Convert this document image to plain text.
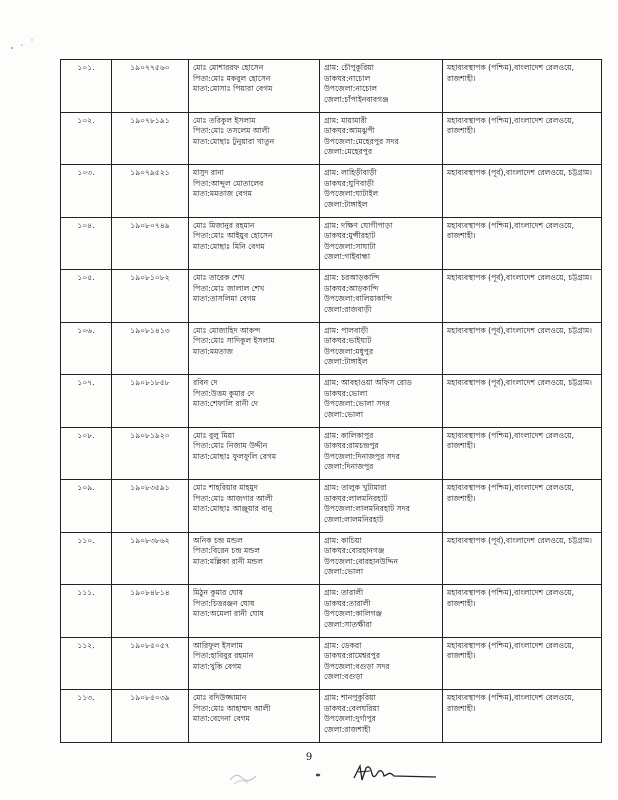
১০১.	১৯০৭৭৫৬০	মোঃ মোশাররফ হোসেন
পিতা:মোঃ মকবুল হোসেন
মাতা:মোসাঃ পিয়ারা বেগম	গ্রাম: চৌপুকুরিয়া
ডাকঘর:নাচোল
উপজেলা:নাচোল
জেলা:চাঁপাইনবাবগঞ্জ	মহাব্যবস্থাপক (পশ্চিম),বাংলাদেশ রেলওয়ে, রাজশাহী।

১০২.	১৯০৭৮১৯১	মোঃ তরিকুল ইসলাম
পিতা:মোঃ তসলেম আলী
মাতা:মোছাঃ টুনুয়ারা খাতুন	গ্রাম: মায়ামারী
ডাকঘর:আমঝুপী
উপজেলা:মেহেরপুর সদর
জেলা:মেহেরপুর	মহাব্যবস্থাপক (পশ্চিম),বাংলাদেশ রেলওয়ে, রাজশাহী।

১০৩.	১৯০৭৯৫২১	মাসুদ রানা
পিতা:আব্দুল মোতালেব
মাতা:মমতাজ বেগম	গ্রাম: লাহিড়ীবাড়ী
ডাকঘর:ঘুণিবাড়ী
উপজেলা:ঘাটাইল
জেলা:টাঙ্গাইল	মহাব্যবস্থাপক (পূর্ব),বাংলাদেশ রেলওয়ে, চট্টগ্রাম।

১০৪.	১৯০৮০৭৪৯	মোঃ মিজানুর রহমান
পিতা:মোঃ আইয়ুব হোসেন
মাতা:মোছাঃ মিনি বেগম	গ্রাম: দক্ষিণ ঘোগীপাড়া
ডাকঘর:মুন্সীরহাট
উপজেলা:সাঘাটা
জেলা:গাইবান্ধা	মহাব্যবস্থাপক (পশ্চিম),বাংলাদেশ রেলওয়ে, রাজশাহী।

১০৫.	১৯০৮১০৮২	মোঃ তারেক শেখ
পিতা:মোঃ জালাল শেখ
মাতা:তাসলিমা বেগম	গ্রাম: চরআড়কান্দি
ডাকঘর:আড়কান্দি
উপজেলা:বালিয়াকান্দি
জেলা:রাজবাড়ী	মহাব্যবস্থাপক (পূর্ব),বাংলাদেশ রেলওয়ে, চট্টগ্রাম।

১০৬.	১৯০৮১৪১৩	মোঃ মোজাহিদ আকন্দ
পিতা:মোঃ সাদিকুল ইসলাম
মাতা:মমতাজ	গ্রাম: পালবাড়ী
ডাকঘর:ভাইঘাট
উপজেলা:মধুপুর
জেলা:টাঙ্গাইল	মহাব্যবস্থাপক (পূর্ব),বাংলাদেশ রেলওয়ে, চট্টগ্রাম।

১০৭.	১৯০৮১৮৫৮	রবিন দে
পিতা:উত্তম কুমার দে
মাতা:শেফালি রানী দে	গ্রাম: আবহাওয়া অফিস রোড
ডাকঘর:ভোলা
উপজেলা:ভোলা সদর
জেলা:ভোলা	মহাব্যবস্থাপক (পূর্ব),বাংলাদেশ রেলওয়ে, চট্টগ্রাম।

১০৮.	১৯০৮১৯২০	মোঃ বুলু মিয়া
পিতা:মোঃ নিজাম উদ্দীন
মাতা:মোছাঃ ফুলফুলি বেগম	গ্রাম: কালিকাপুর
ডাকঘর:রামচন্দ্রপুর
উপজেলা:দিনাজপুর সদর
জেলা:দিনাজপুর	মহাব্যবস্থাপক (পশ্চিম),বাংলাদেশ রেলওয়ে, রাজশাহী।

১০৯.	১৯০৮৩৫৯১	মোঃ শাহরিয়ার মাহমুদ
পিতা:মোঃ আজগার আলী
মাতা:মোছাঃ আঞ্জুয়ার বানু	গ্রাম: তালুক খুটামারা
ডাকঘর:লালমনিরহাট
উপজেলা:লালমনিরহাট সদর
জেলা:লালমনিরহাট	মহাব্যবস্থাপক (পশ্চিম),বাংলাদেশ রেলওয়ে, রাজশাহী।

১১০.	১৯০৮৩৮৬২	অনিক চন্দ্র মন্ডল
পিতা:বিরেন চন্দ্র মন্ডল
মাতা:মল্লিকা রানী মন্ডল	গ্রাম: কাচিয়া
ডাকঘর:বোরহানগঞ্জ
উপজেলা:বোরহানউদ্দিন
জেলা:ভোলা	মহাব্যবস্থাপক (পূর্ব),বাংলাদেশ রেলওয়ে, চট্টগ্রাম।

১১১.	১৯০৮৪৮১৪	মিঠুন কুমার ঘোষ
পিতা:চিত্তরঞ্জন ঘোষ
মাতা:অমেলা রানী ঘোষ	গ্রাম: তারালী
ডাকঘর:তারালী
উপজেলা:কালিগঞ্জ
জেলা:সাতক্ষীরা	মহাব্যবস্থাপক (পশ্চিম),বাংলাদেশ রেলওয়ে, রাজশাহী।

১১২.	১৯০৮৫০৫৭	আরিফুল ইসলাম
পিতা:হাবিবুর রহমান
মাতা:খুকি বেগম	গ্রাম: ডেকরা
ডাকঘর:রামেশ্বরপুর
উপজেলা:বগুড়া সদর
জেলা:বগুড়া	মহাব্যবস্থাপক (পশ্চিম),বাংলাদেশ রেলওয়ে, রাজশাহী।

১১৩.	১৯০৮৫০৩৯	মোঃ বদিউজ্জামান
পিতা:মোঃ আহাম্মদ আলী
মাতা:বেদেনা বেগম	গ্রাম: শানপুকুরিয়া
ডাকঘর:বেলঘরিয়া
উপজেলা:দুর্গাপুর
জেলা:রাজশাহী	মহাব্যবস্থাপক (পশ্চিম),বাংলাদেশ রেলওয়ে, রাজশাহী।
9
